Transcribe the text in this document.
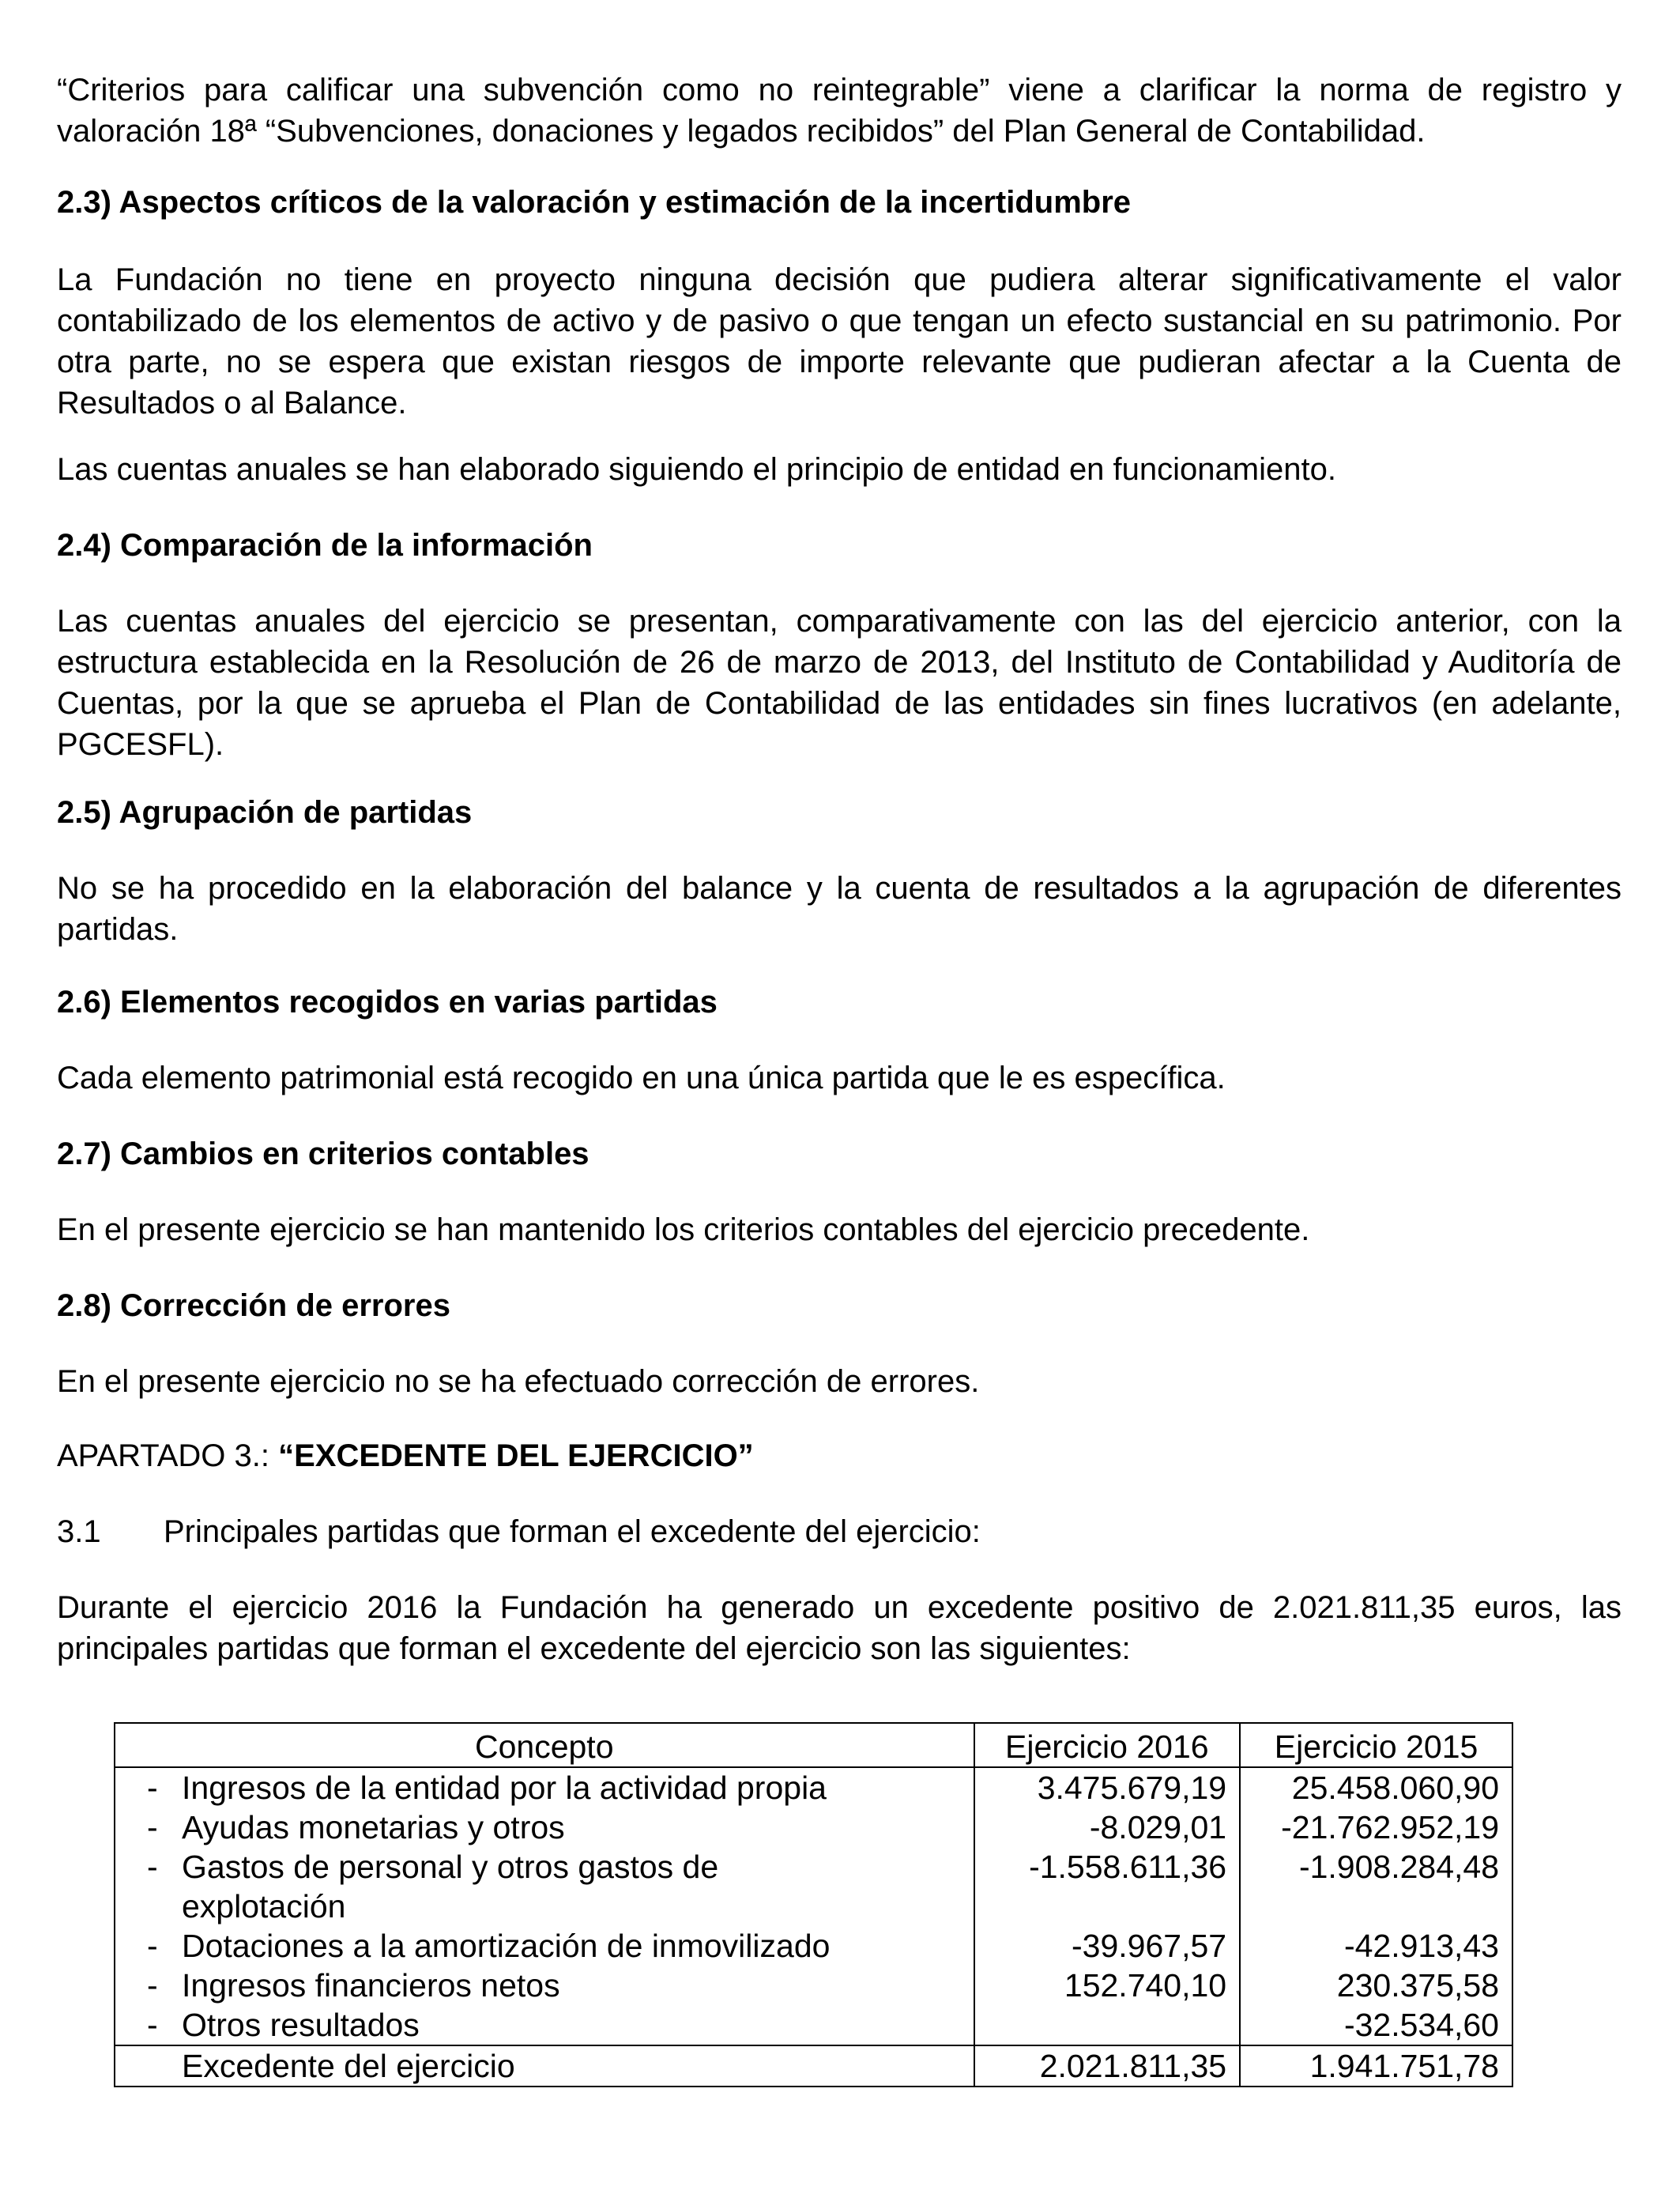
“Criterios para calificar una subvención como no reintegrable” viene a clarificar la norma de registro y valoración 18ª “Subvenciones, donaciones y legados recibidos” del Plan General de Contabilidad.

2.3) Aspectos críticos de la valoración y estimación de la incertidumbre

La Fundación no tiene en proyecto ninguna decisión que pudiera alterar significativamente el valor contabilizado de los elementos de activo y de pasivo o que tengan un efecto sustancial en su patrimonio. Por otra parte, no se espera que existan riesgos de importe relevante que pudieran afectar a la Cuenta de Resultados o al Balance.

Las cuentas anuales se han elaborado siguiendo el principio de entidad en funcionamiento.

2.4) Comparación de la información

Las cuentas anuales del ejercicio se presentan, comparativamente con las del ejercicio anterior, con la estructura establecida en la Resolución de 26 de marzo de 2013, del Instituto de Contabilidad y Auditoría de Cuentas, por la que se aprueba el Plan de Contabilidad de las entidades sin fines lucrativos (en adelante, PGCESFL).

2.5) Agrupación de partidas

No se ha procedido en la elaboración del balance y la cuenta de resultados a la agrupación de diferentes partidas.

2.6) Elementos recogidos en varias partidas

Cada elemento patrimonial está recogido en una única partida que le es específica.

2.7) Cambios en criterios contables

En el presente ejercicio se han mantenido los criterios contables del ejercicio precedente.

2.8) Corrección de errores

En el presente ejercicio no se ha efectuado corrección de errores.

APARTADO 3.: “EXCEDENTE DEL EJERCICIO”

3.1 Principales partidas que forman el excedente del ejercicio:

Durante el ejercicio 2016 la Fundación ha generado un excedente positivo de 2.021.811,35 euros, las principales partidas que forman el excedente del ejercicio son las siguientes:

Concepto	Ejercicio 2016	Ejercicio 2015

- Ingresos de la entidad por la actividad propia	3.475.679,19	25.458.060,90

- Ayudas monetarias y otros	-8.029,01	-21.762.952,19

- Gastos de personal y otros gastos de explotación	-1.558.611,36	-1.908.284,48

- Dotaciones a la amortización de inmovilizado	-39.967,57	-42.913,43

- Ingresos financieros netos	152.740,10	230.375,58

- Otros resultados		-32.534,60
Excedente del ejercicio	2.021.811,35	1.941.751,78
